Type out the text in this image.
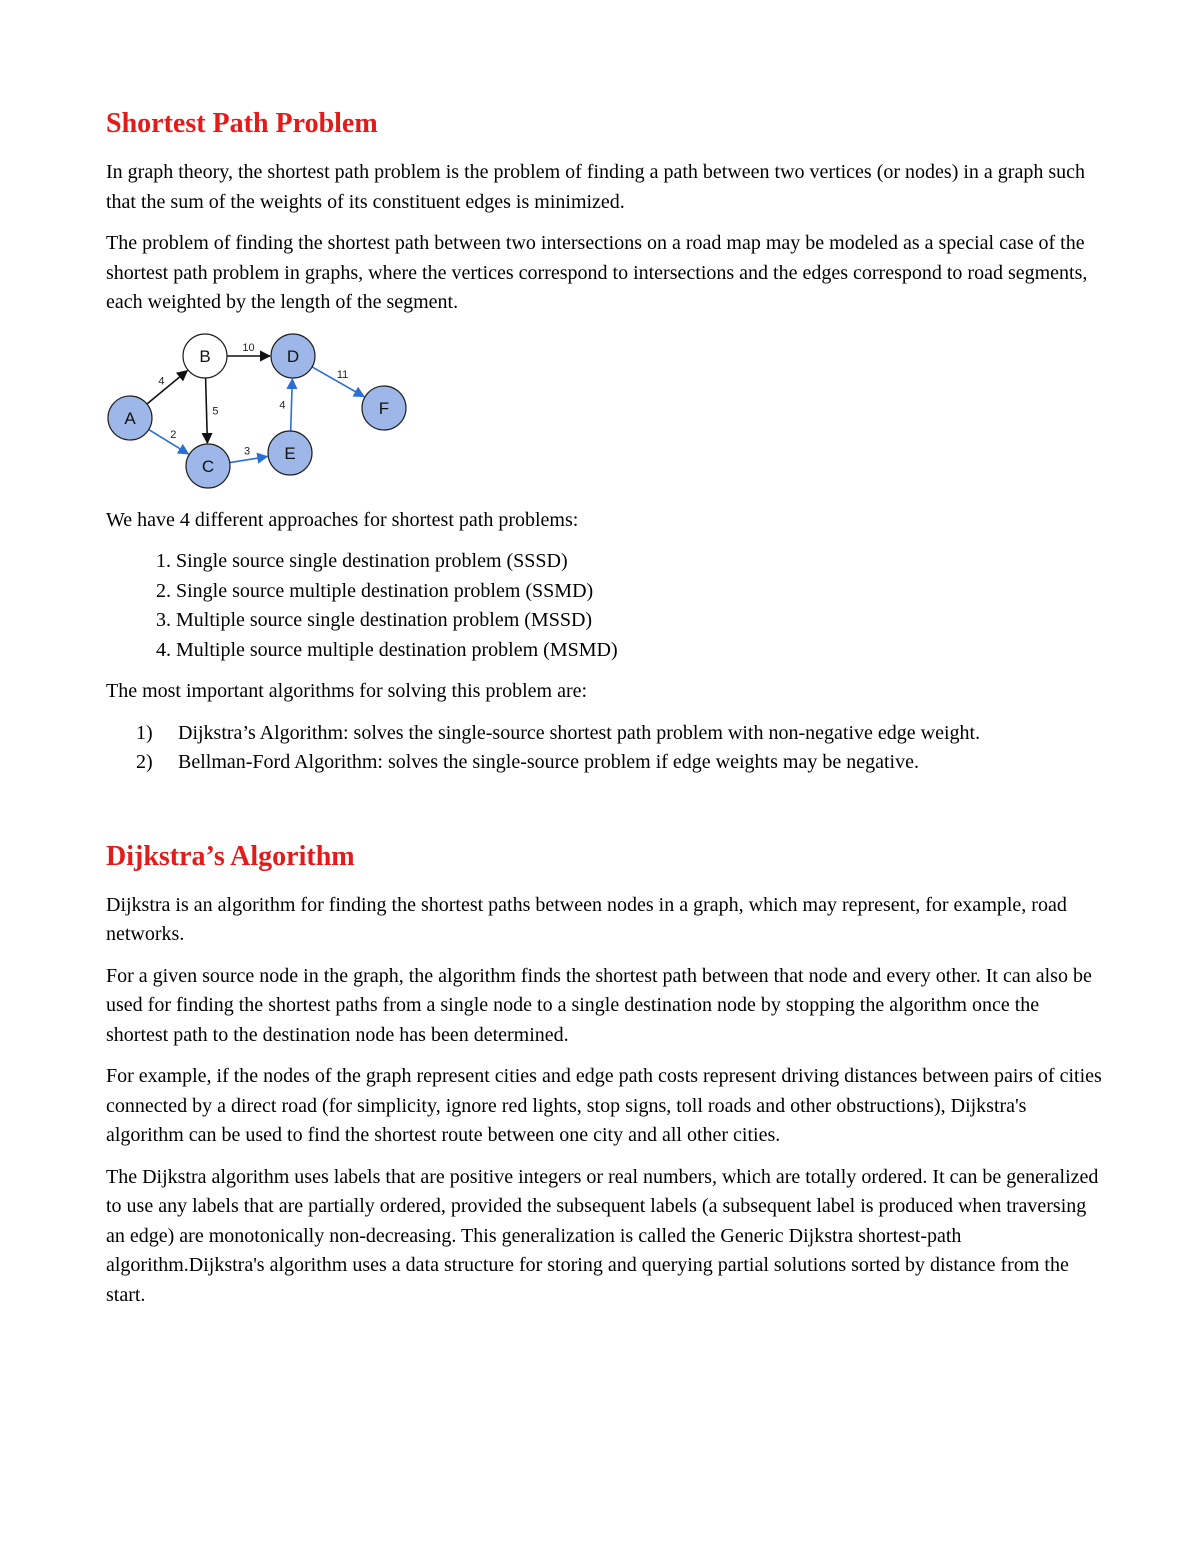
Shortest Path Problem

In graph theory, the shortest path problem is the problem of finding a path between two vertices (or nodes) in a graph such that the sum of the weights of its constituent edges is minimized.

The problem of finding the shortest path between two intersections on a road map may be modeled as a special case of the shortest path problem in graphs, where the vertices correspond to intersections and the edges correspond to road segments, each weighted by the length of the segment.

4
2
5
10
3
4
11
A
B
C
D
E
F

We have 4 different approaches for shortest path problems:

1. Single source single destination problem (SSSD)
2. Single source multiple destination problem (SSMD)
3. Multiple source single destination problem (MSSD)
4. Multiple source multiple destination problem (MSMD)

The most important algorithms for solving this problem are:

1) Dijkstra’s Algorithm: solves the single-source shortest path problem with non-negative edge weight.
2) Bellman-Ford Algorithm: solves the single-source problem if edge weights may be negative.
Dijkstra’s Algorithm

Dijkstra is an algorithm for finding the shortest paths between nodes in a graph, which may represent, for example, road networks.

For a given source node in the graph, the algorithm finds the shortest path between that node and every other. It can also be used for finding the shortest paths from a single node to a single destination node by stopping the algorithm once the shortest path to the destination node has been determined.

For example, if the nodes of the graph represent cities and edge path costs represent driving distances between pairs of cities connected by a direct road (for simplicity, ignore red lights, stop signs, toll roads and other obstructions), Dijkstra's algorithm can be used to find the shortest route between one city and all other cities.

The Dijkstra algorithm uses labels that are positive integers or real numbers, which are totally ordered. It can be generalized to use any labels that are partially ordered, provided the subsequent labels (a subsequent label is produced when traversing an edge) are monotonically non-decreasing. This generalization is called the Generic Dijkstra shortest-path algorithm.Dijkstra's algorithm uses a data structure for storing and querying partial solutions sorted by distance from the start.
